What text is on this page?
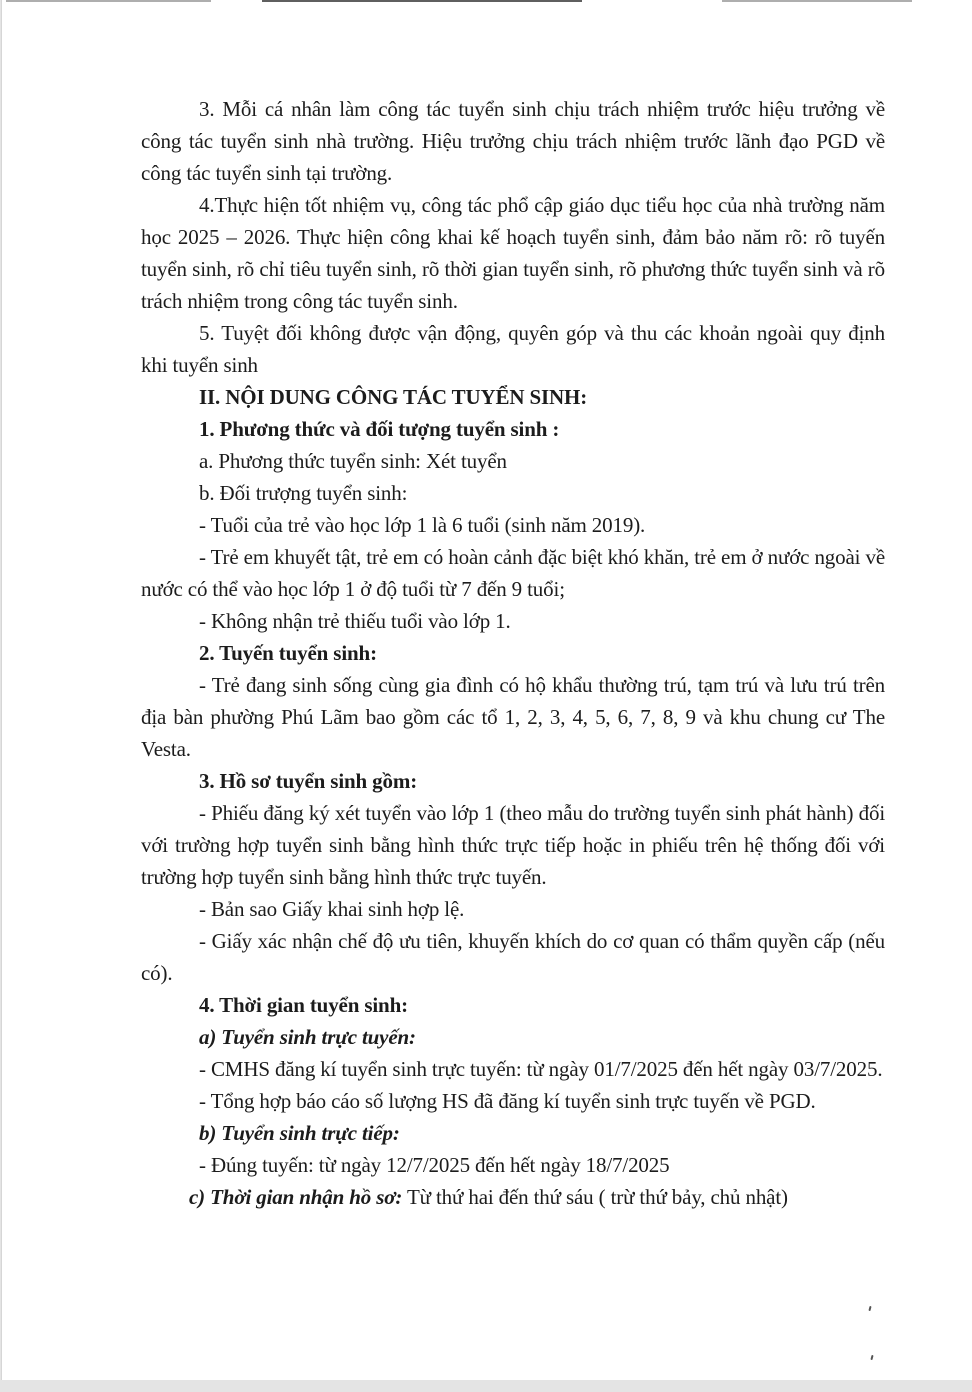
3. Mỗi cá nhân làm công tác tuyển sinh chịu trách nhiệm trước hiệu trưởng về công tác tuyển sinh nhà trường. Hiệu trưởng chịu trách nhiệm trước lãnh đạo PGD về công tác tuyển sinh tại trường.

4.Thực hiện tốt nhiệm vụ, công tác phổ cập giáo dục tiểu học của nhà trường năm học 2025 – 2026. Thực hiện công khai kế hoạch tuyển sinh, đảm bảo năm rõ: rõ tuyến tuyển sinh, rõ chỉ tiêu tuyển sinh, rõ thời gian tuyển sinh, rõ phương thức tuyển sinh và rõ trách nhiệm trong công tác tuyển sinh.

5. Tuyệt đối không được vận động, quyên góp và thu các khoản ngoài quy định khi tuyển sinh

II. NỘI DUNG CÔNG TÁC TUYỂN SINH:

1. Phương thức và đối tượng tuyển sinh :

a. Phương thức tuyển sinh: Xét tuyển

b. Đối trượng tuyển sinh:

- Tuổi của trẻ vào học lớp 1 là 6 tuổi (sinh năm 2019).

- Trẻ em khuyết tật, trẻ em có hoàn cảnh đặc biệt khó khăn, trẻ em ở nước ngoài về nước có thể vào học lớp 1 ở độ tuổi từ 7 đến 9 tuổi;

- Không nhận trẻ thiếu tuổi vào lớp 1.

2. Tuyến tuyển sinh:

- Trẻ đang sinh sống cùng gia đình có hộ khẩu thường trú, tạm trú và lưu trú trên địa bàn phường Phú Lãm bao gồm các tổ 1, 2, 3, 4, 5, 6, 7, 8, 9 và khu chung cư The Vesta.

3. Hồ sơ tuyển sinh gồm:

- Phiếu đăng ký xét tuyển vào lớp 1 (theo mẫu do trường tuyển sinh phát hành) đối với trường hợp tuyển sinh bằng hình thức trực tiếp hoặc in phiếu trên hệ thống đối với trường hợp tuyển sinh bằng hình thức trực tuyến.

- Bản sao Giấy khai sinh hợp lệ.

- Giấy xác nhận chế độ ưu tiên, khuyến khích do cơ quan có thẩm quyền cấp (nếu có).

4. Thời gian tuyển sinh:

a) Tuyển sinh trực tuyến:

- CMHS đăng kí tuyển sinh trực tuyến: từ ngày 01/7/2025 đến hết ngày 03/7/2025.

- Tổng hợp báo cáo số lượng HS đã đăng kí tuyển sinh trực tuyến về PGD.

b) Tuyển sinh trực tiếp:

- Đúng tuyến: từ ngày 12/7/2025 đến hết ngày 18/7/2025

c) Thời gian nhận hồ sơ: Từ thứ hai đến thứ sáu ( trừ thứ bảy, chủ nhật)
